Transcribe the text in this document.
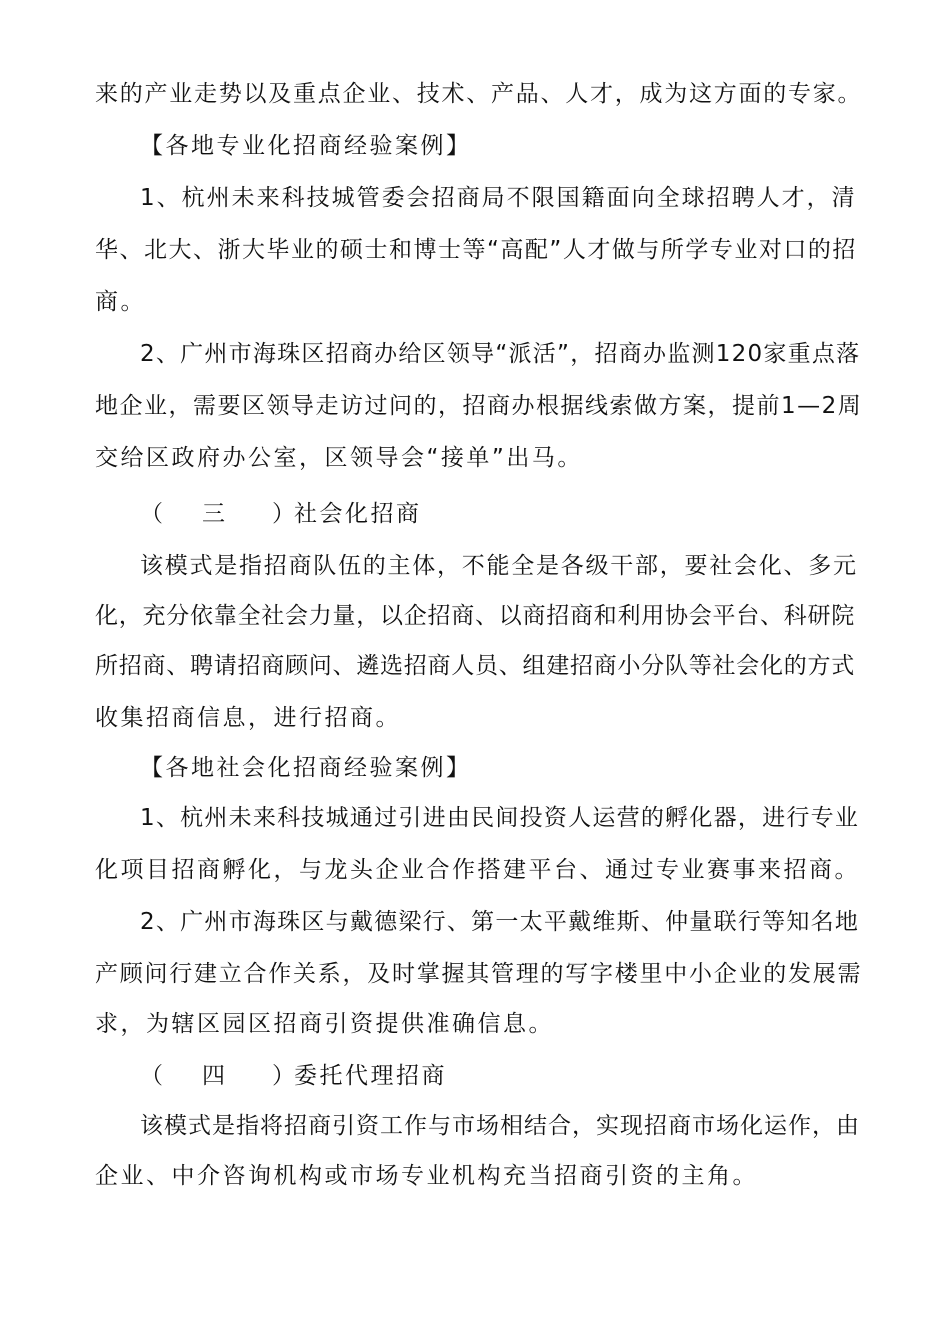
来的产业走势以及重点企业、技术、产品、人才，成为这方面的专家。
【各地专业化招商经验案例】
1、杭州未来科技城管委会招商局不限国籍面向全球招聘人才，清
华、北大、浙大毕业的硕士和博士等“高配”人才做与所学专业对口的招
商。
2、广州市海珠区招商办给区领导“派活”，招商办监测120家重点落
地企业，需要区领导走访过问的，招商办根据线索做方案，提前1—2周
交给区政府办公室，区领导会“接单”出马。
（ 三 ）社会化招商
该模式是指招商队伍的主体，不能全是各级干部，要社会化、多元
化，充分依靠全社会力量，以企招商、以商招商和利用协会平台、科研院
所招商、聘请招商顾问、遴选招商人员、组建招商小分队等社会化的方式
收集招商信息，进行招商。
【各地社会化招商经验案例】
1、杭州未来科技城通过引进由民间投资人运营的孵化器，进行专业
化项目招商孵化，与龙头企业合作搭建平台、通过专业赛事来招商。
2、广州市海珠区与戴德梁行、第一太平戴维斯、仲量联行等知名地
产顾问行建立合作关系，及时掌握其管理的写字楼里中小企业的发展需
求，为辖区园区招商引资提供准确信息。
（ 四 ）委托代理招商
该模式是指将招商引资工作与市场相结合，实现招商市场化运作，由
企业、中介咨询机构或市场专业机构充当招商引资的主角。
